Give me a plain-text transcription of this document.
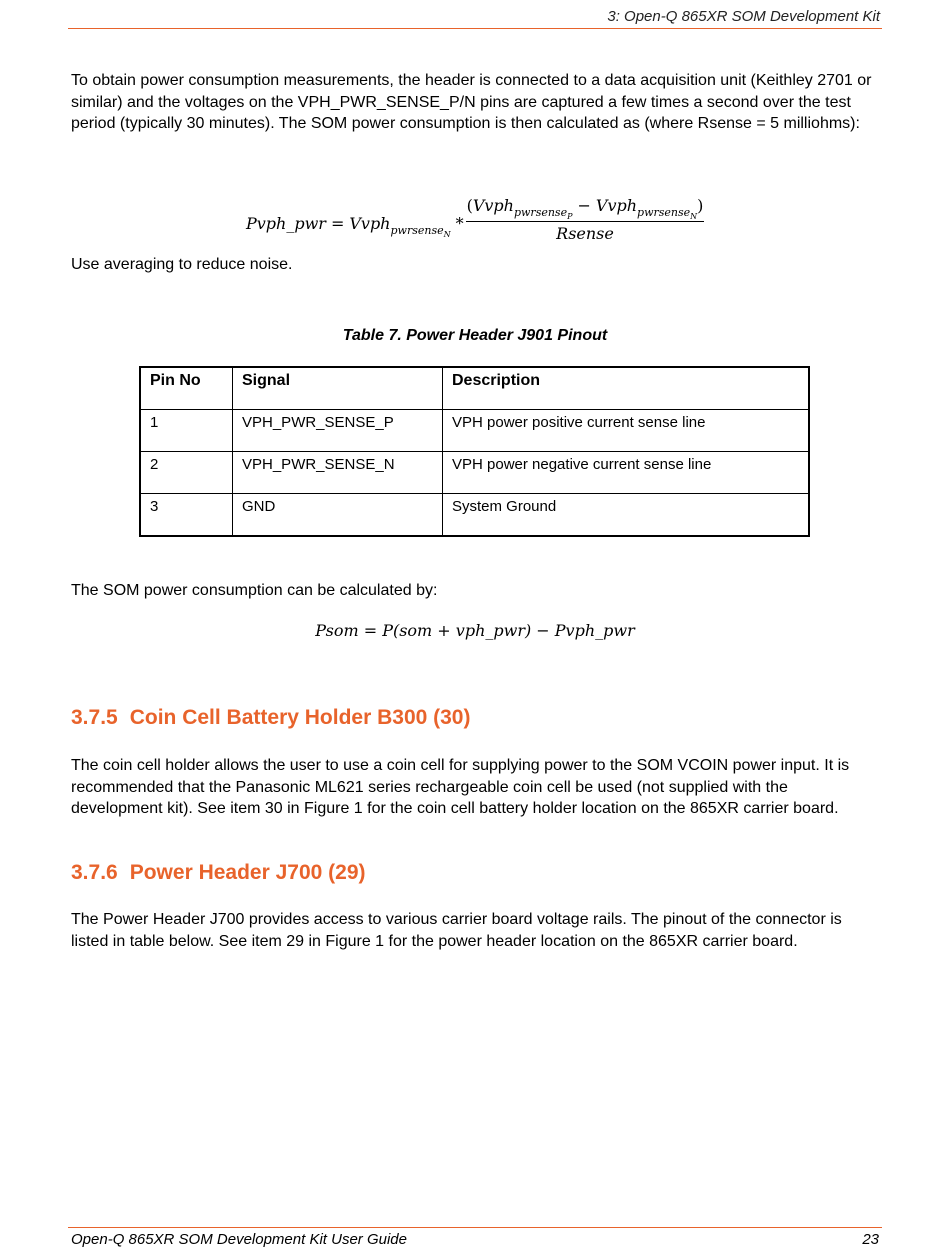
3: Open-Q 865XR SOM Development Kit

To obtain power consumption measurements, the header is connected to a data acquisition unit (Keithley 2701 or similar) and the voltages on the VPH_PWR_SENSE_P/N pins are captured a few times a second over the test period (typically 30 minutes). The SOM power consumption is then calculated as (where Rsense = 5 milliohms):

Pvph_pwr = Vvph$_{pwrsense_N}$*
(Vvph$_{pwrsense_P}$− Vvph$_{pwrsense_N}$)
Rsense

Use averaging to reduce noise.

Table 7. Power Header J901 Pinout
Pin No	Signal	Description
1	VPH_PWR_SENSE_P	VPH power positive current sense line
2	VPH_PWR_SENSE_N	VPH power negative current sense line
3	GND	System Ground

The SOM power consumption can be calculated by:

Psom = P(som + vph_pwr) − Pvph_pwr
3.7.5 Coin Cell Battery Holder B300 (30)

The coin cell holder allows the user to use a coin cell for supplying power to the SOM VCOIN power input. It is recommended that the Panasonic ML621 series rechargeable coin cell be used (not supplied with the development kit). See item 30 in Figure 1 for the coin cell battery holder location on the 865XR carrier board.

3.7.6 Power Header J700 (29)

The Power Header J700 provides access to various carrier board voltage rails. The pinout of the connector is listed in table below. See item 29 in Figure 1 for the power header location on the 865XR carrier board.

Open-Q 865XR SOM Development Kit User Guide	23
